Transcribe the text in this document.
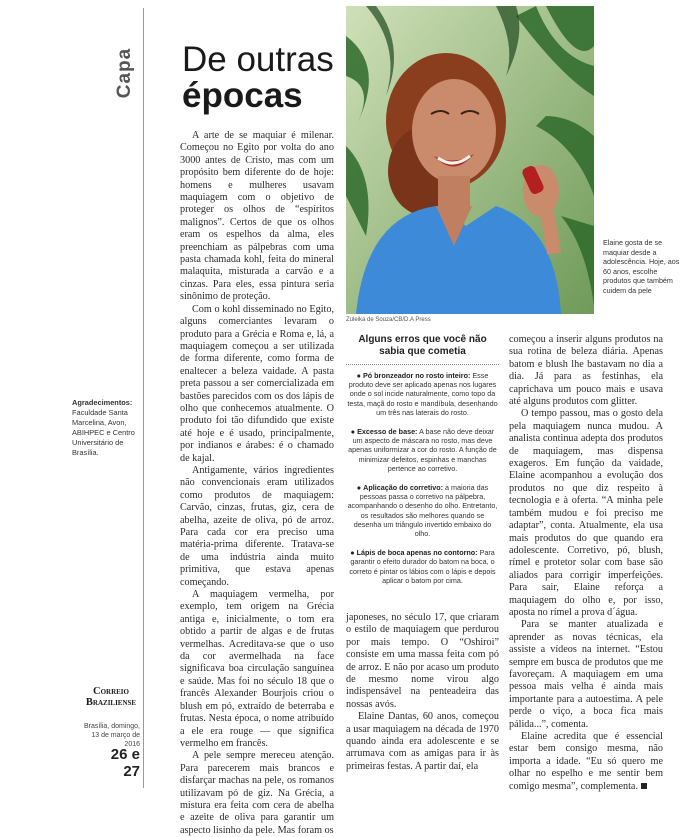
Capa
Agradecimentos:
Faculdade Santa Marcelina, Avon, ABIHPEC e Centro Universitário de Brasília.
Correio
Braziliense
Brasília, domingo, 13 de março de 2016
26 e 27
De outras
épocas

A arte de se maquiar é milenar. Começou no Egito por volta do ano 3000 antes de Cristo, mas com um propósito bem diferente do de hoje: homens e mulheres usavam maquiagem com o objetivo de proteger os olhos de “espíritos malignos”. Certos de que os olhos eram os espelhos da alma, eles preenchiam as pálpebras com uma pasta chamada kohl, feita do mineral malaquita, misturada a carvão e a cinzas. Para eles, essa pintura seria sinônimo de proteção.

Com o kohl disseminado no Egito, alguns comerciantes levaram o produto para a Grécia e Roma e, lá, a maquiagem começou a ser utilizada de forma diferente, como forma de enaltecer a beleza vaidade. A pasta preta passou a ser comercializada em bastões parecidos com os dos lápis de olho que conhecemos atualmente. O produto foi tão difundido que existe até hoje e é usado, principalmente, por indianos e árabes: é o chamado de kajal.

Antigamente, vários ingredientes não convencionais eram utilizados como produtos de maquiagem: Carvão, cinzas, frutas, giz, cera de abelha, azeite de oliva, pó de arroz. Para cada cor era preciso uma matéria-prima diferente. Tratava-se de uma indústria ainda muito primitiva, que estava apenas começando.

A maquiagem vermelha, por exemplo, tem origem na Grécia antiga e, inicialmente, o tom era obtido a partir de algas e de frutas vermelhas. Acreditava-se que o uso da cor avermelhada na face significava boa circulação sanguínea e saúde. Mas foi no século 18 que o francês Alexander Bourjois criou o blush em pó, extraído de beterraba e frutas. Nesta época, o nome atribuído a ele era rouge — que significa vermelho em francês.

A pele sempre mereceu atenção. Para parecerem mais brancos e disfarçar machas na pele, os romanos utilizavam pó de giz. Na Grécia, a mistura era feita com cera de abelha e azeite de oliva para garantir um aspecto lisinho da pele. Mas foram os

Zuleika de Souza/CB/D.A Press
Elaine gosta de se maquiar desde a adolescência. Hoje, aos 60 anos, escolhe produtos que também cuidem da pele
Alguns erros que você não sabia que cometia
● Pó bronzeador no rosto inteiro: Esse produto deve ser aplicado apenas nos lugares onde o sol incide naturalmente, como topo da testa, maçã do rosto e mandíbula, desenhando um três nas laterais do rosto.
● Excesso de base: A base não deve deixar um aspecto de máscara no rosto, mas deve apenas uniformizar a cor do rosto. A função de minimizar defeitos, espinhas e manchas pertence ao corretivo.
● Aplicação do corretivo: a maioria das pessoas passa o corretivo na pálpebra, acompanhando o desenho do olho. Entretanto, os resultados são melhores quando se desenha um triângulo invertido embaixo do olho.
● Lápis de boca apenas no contorno: Para garantir o efeito durador do batom na boca, o correto é pintar os lábios com o lápis e depois aplicar o batom por cima.

japoneses, no século 17, que criaram o estilo de maquiagem que perdurou por mais tempo. O “Oshiroi” consiste em uma massa feita com pó de arroz. E não por acaso um produto de mesmo nome virou algo indispensável na penteadeira das nossas avós.

Elaine Dantas, 60 anos, começou a usar maquiagem na década de 1970 quando ainda era adolescente e se arrumava com as amigas para ir às primeiras festas. A partir daí, ela

começou a inserir alguns produtos na sua rotina de beleza diária. Apenas batom e blush lhe bastavam no dia a dia. Já para as festinhas, ela caprichava um pouco mais e usava até alguns produtos com glitter.

O tempo passou, mas o gosto dela pela maquiagem nunca mudou. A analista continua adepta dos produtos de maquiagem, mas dispensa exageros. Em função da vaidade, Elaine acompanhou a evolução dos produtos no que diz respeito à tecnologia e à oferta. “A minha pele também mudou e foi preciso me adaptar”, conta. Atualmente, ela usa mais produtos do que quando era adolescente. Corretivo, pó, blush, rímel e protetor solar com base são aliados para corrigir imperfeições. Para sair, Elaine reforça a maquiagem do olho e, por isso, aposta no rímel a prova d´água.

Para se manter atualizada e aprender as novas técnicas, ela assiste a vídeos na internet. “Estou sempre em busca de produtos que me favoreçam. A maquiagem em uma pessoa mais velha é ainda mais importante para a autoestima. A pele perde o viço, a boca fica mais pálida...”, comenta.

Elaine acredita que é essencial estar bem consigo mesma, não importa a idade. “Eu só quero me olhar no espelho e me sentir bem comigo mesma”, complementa.
